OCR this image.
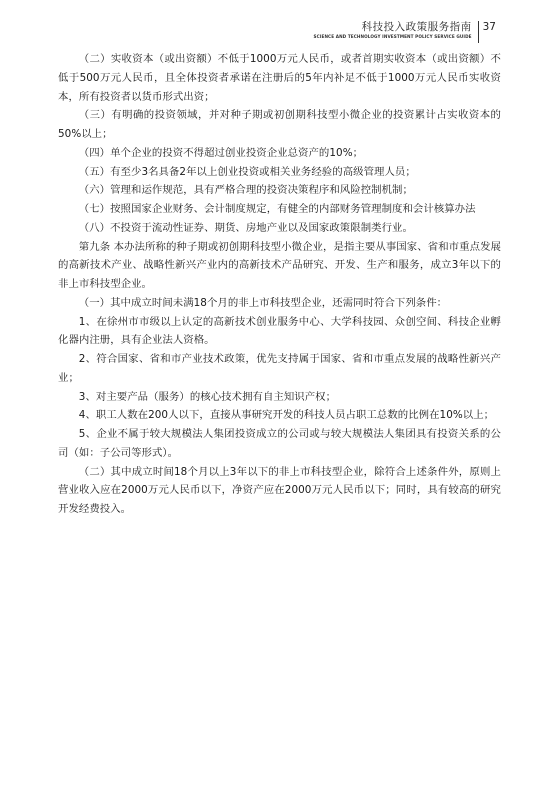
科技投入政策服务指南
SCIENCE AND TECHNOLOGY INVESTMENT POLICY SERVICE GUIDE
37

（二）实收资本（或出资额）不低于1000万元人民币，或者首期实收资本（或出资额）不低于500万元人民币，且全体投资者承诺在注册后的5年内补足不低于1000万元人民币实收资本，所有投资者以货币形式出资；

（三）有明确的投资领域，并对种子期或初创期科技型小微企业的投资累计占实收资本的50%以上；

（四）单个企业的投资不得超过创业投资企业总资产的10%；

（五）有至少3名具备2年以上创业投资或相关业务经验的高级管理人员；

（六）管理和运作规范，具有严格合理的投资决策程序和风险控制机制；

（七）按照国家企业财务、会计制度规定，有健全的内部财务管理制度和会计核算办法

（八）不投资于流动性证券、期货、房地产业以及国家政策限制类行业。

第九条 本办法所称的种子期或初创期科技型小微企业，是指主要从事国家、省和市重点发展的高新技术产业、战略性新兴产业内的高新技术产品研究、开发、生产和服务，成立3年以下的非上市科技型企业。

（一）其中成立时间未满18个月的非上市科技型企业，还需同时符合下列条件：

1、在徐州市市级以上认定的高新技术创业服务中心、大学科技园、众创空间、科技企业孵化器内注册，具有企业法人资格。

2、符合国家、省和市产业技术政策，优先支持属于国家、省和市重点发展的战略性新兴产业；

3、对主要产品（服务）的核心技术拥有自主知识产权；

4、职工人数在200人以下，直接从事研究开发的科技人员占职工总数的比例在10%以上；

5、企业不属于较大规模法人集团投资成立的公司或与较大规模法人集团具有投资关系的公司（如：子公司等形式）。

（二）其中成立时间18个月以上3年以下的非上市科技型企业，除符合上述条件外，原则上营业收入应在2000万元人民币以下，净资产应在2000万元人民币以下；同时，具有较高的研究开发经费投入。
